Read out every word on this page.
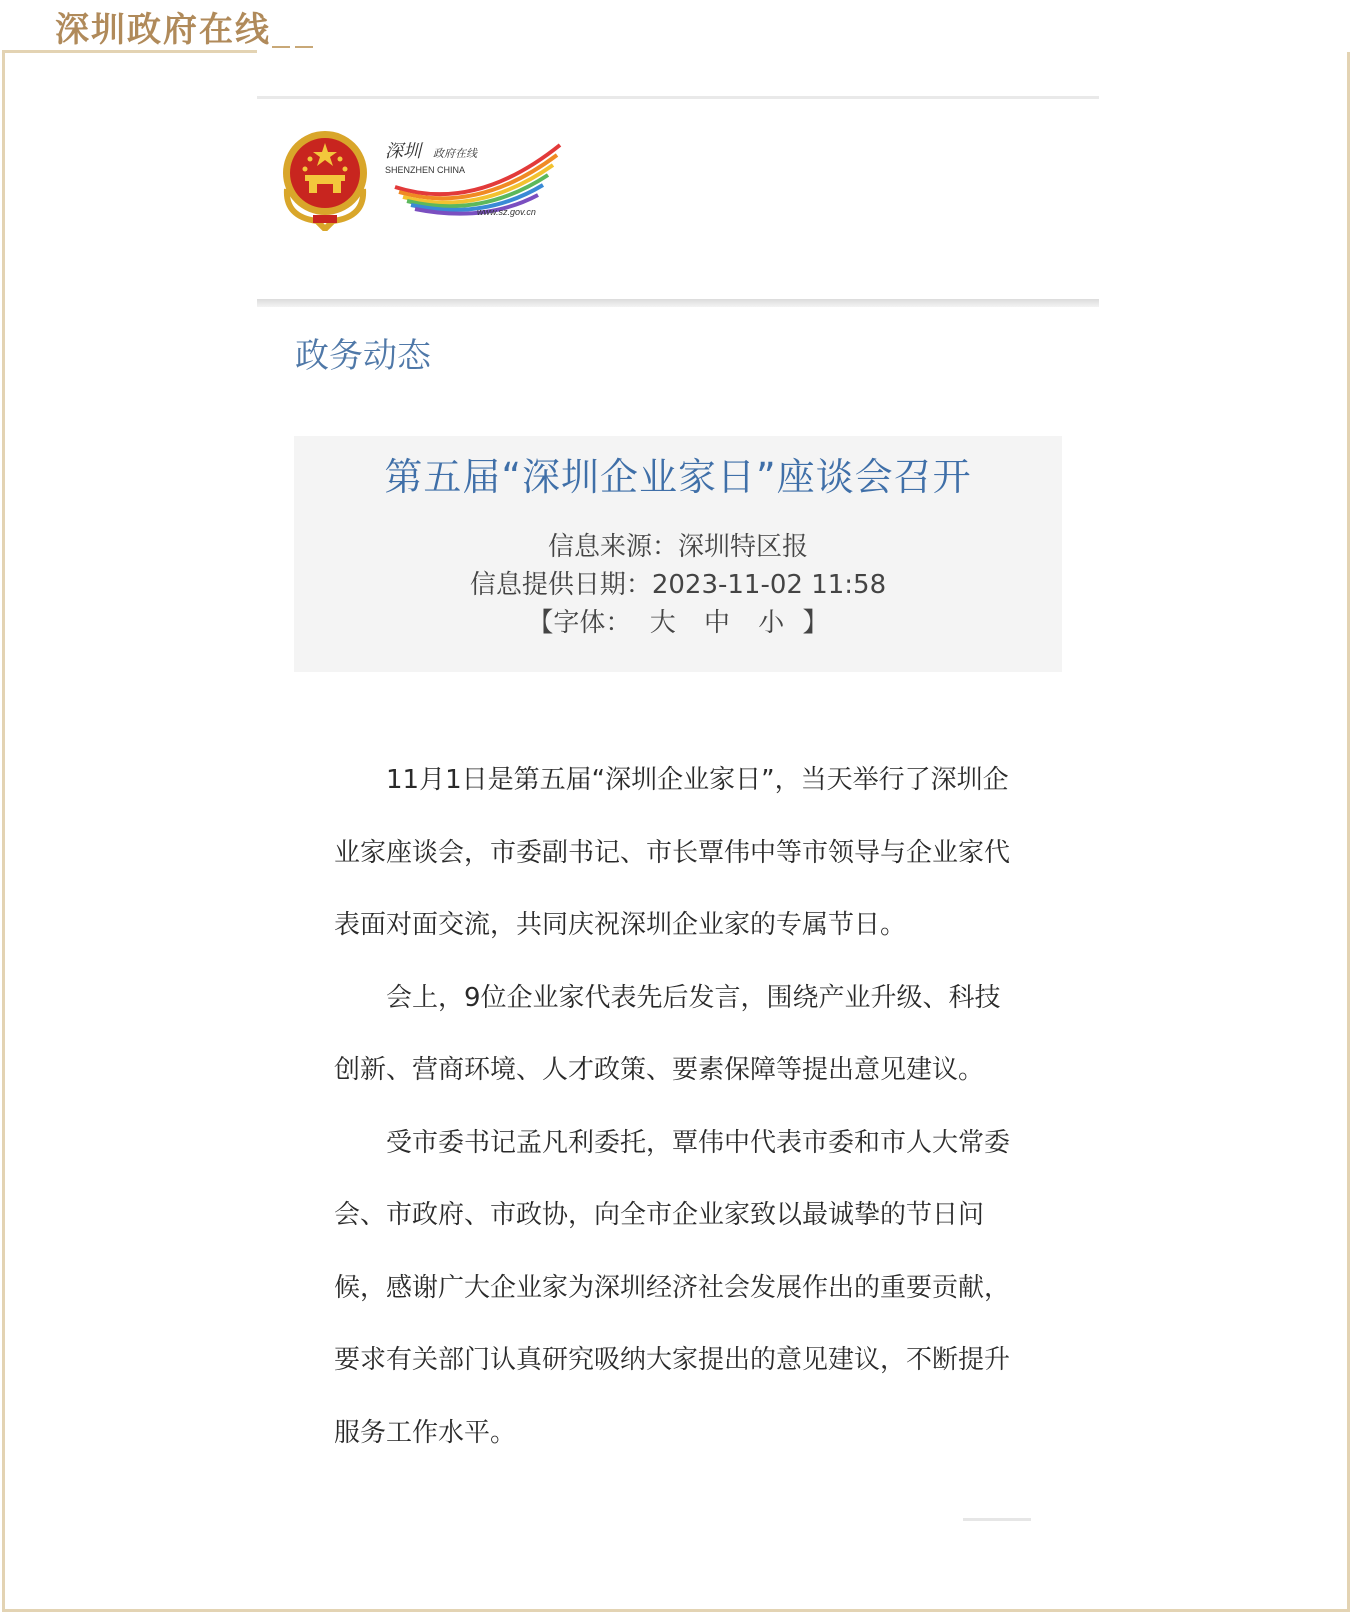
深圳政府在线
深圳 政府在线
SHENZHEN CHINA
www.sz.gov.cn
政务动态
第五届“深圳企业家日”座谈会召开
信息来源：深圳特区报
信息提供日期：2023-11-02 11:58
【字体： 大 中 小 】

11月1日是第五届“深圳企业家日”，当天举行了深圳企业家座谈会，市委副书记、市长覃伟中等市领导与企业家代表面对面交流，共同庆祝深圳企业家的专属节日。

会上，9位企业家代表先后发言，围绕产业升级、科技创新、营商环境、人才政策、要素保障等提出意见建议。

受市委书记孟凡利委托，覃伟中代表市委和市人大常委会、市政府、市政协，向全市企业家致以最诚挚的节日问候，感谢广大企业家为深圳经济社会发展作出的重要贡献，要求有关部门认真研究吸纳大家提出的意见建议，不断提升服务工作水平。
